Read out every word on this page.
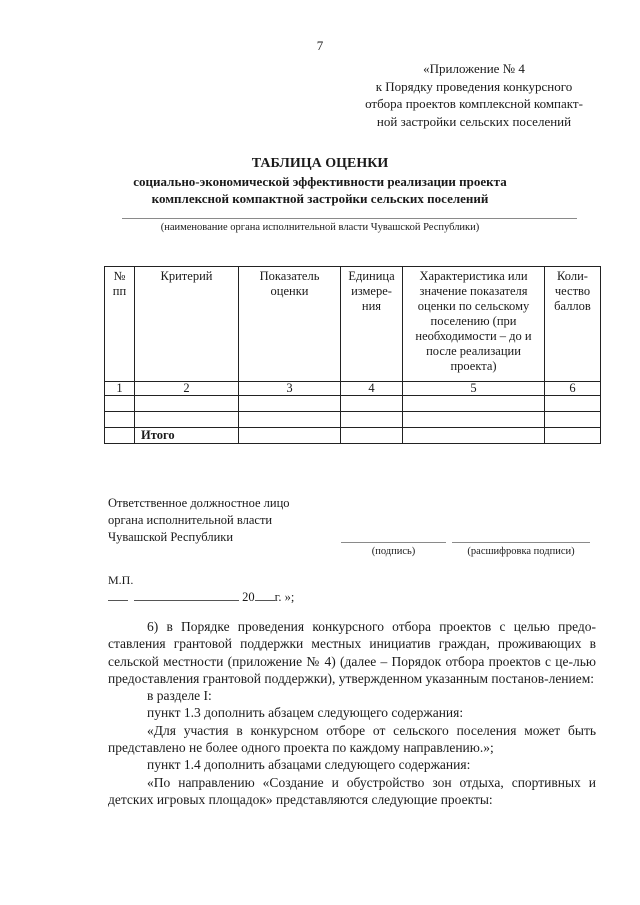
7
«Приложение № 4
к Порядку проведения конкурсного
отбора проектов комплексной компакт-
ной застройки сельских поселений
ТАБЛИЦА ОЦЕНКИ
социально-экономической эффективности реализации проекта
комплексной компактной застройки сельских поселений
(наименование органа исполнительной власти Чувашской Республики)
№ пп	Критерий	Показатель оценки	Единица измере-ния	Характеристика или значение показателя оценки по сельскому поселению (при необходимости – до и после реализации проекта)	Коли-чество баллов
1	2	3	4	5	6

	Итого				
Ответственное должностное лицо
органа исполнительной власти
Чувашской Республики
(подпись)	(расшифровка подписи)
М.П.
20 г. »;

6) в Порядке проведения конкурсного отбора проектов с целью предо-ставления грантовой поддержки местных инициатив граждан, проживающих в сельской местности (приложение № 4) (далее – Порядок отбора проектов с це-лью предоставления грантовой поддержки), утвержденном указанным постанов-лением:

в разделе I:

пункт 1.3 дополнить абзацем следующего содержания:

«Для участия в конкурсном отборе от сельского поселения может быть представлено не более одного проекта по каждому направлению.»;

пункт 1.4 дополнить абзацами следующего содержания:

«По направлению «Создание и обустройство зон отдыха, спортивных и детских игровых площадок» представляются следующие проекты:
